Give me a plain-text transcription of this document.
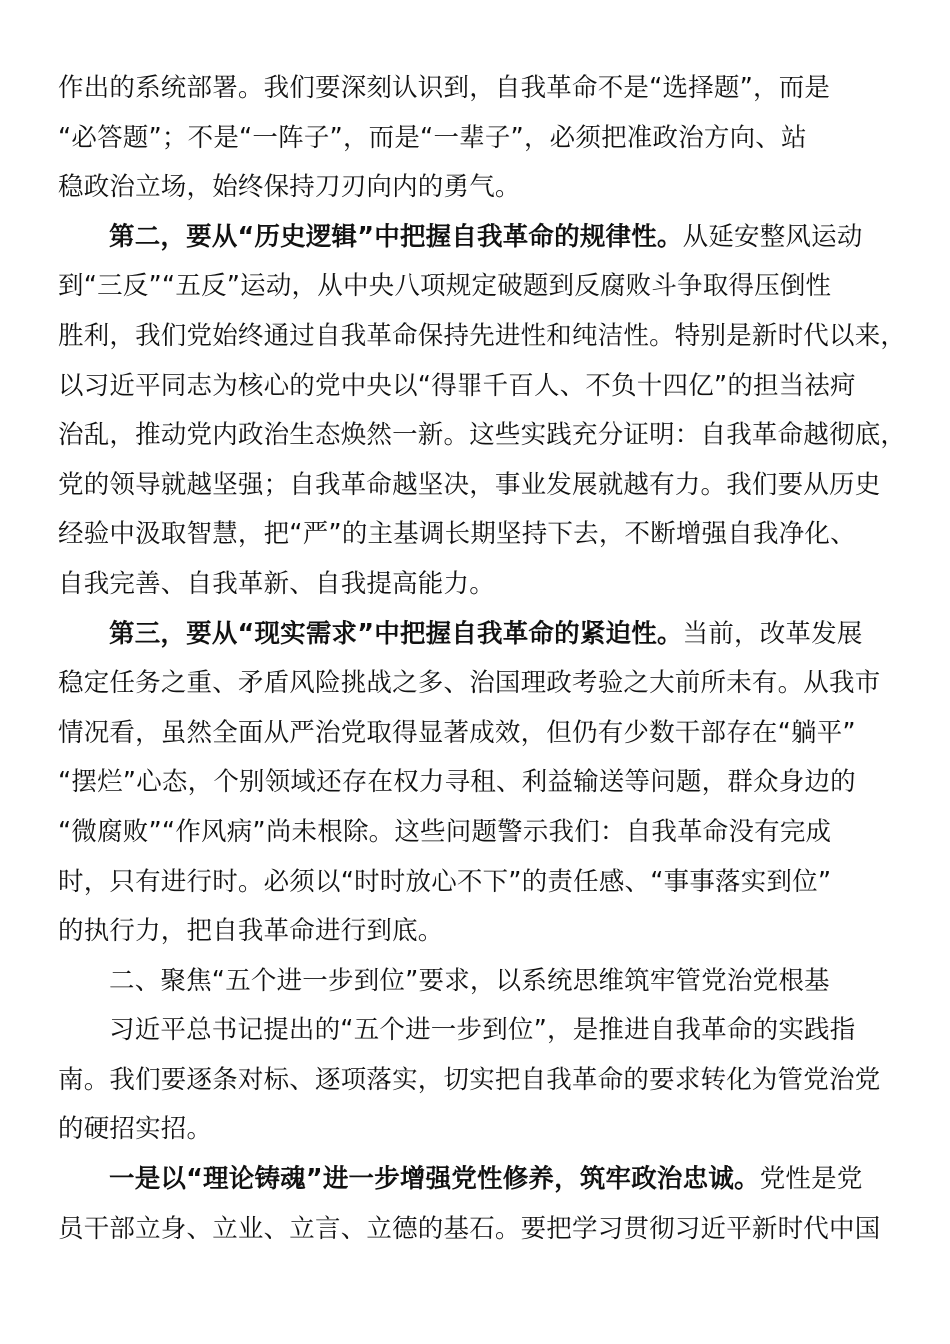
作出的系统部署。我们要深刻认识到，自我革命不是“选择题”，而是
“必答题”；不是“一阵子”，而是“一辈子”，必须把准政治方向、站
稳政治立场，始终保持刀刃向内的勇气。
第二，要从“历史逻辑”中把握自我革命的规律性。从延安整风运动
到“三反”“五反”运动，从中央八项规定破题到反腐败斗争取得压倒性
胜利，我们党始终通过自我革命保持先进性和纯洁性。特别是新时代以来，
以习近平同志为核心的党中央以“得罪千百人、不负十四亿”的担当祛疴
治乱，推动党内政治生态焕然一新。这些实践充分证明：自我革命越彻底，
党的领导就越坚强；自我革命越坚决，事业发展就越有力。我们要从历史
经验中汲取智慧，把“严”的主基调长期坚持下去，不断增强自我净化、
自我完善、自我革新、自我提高能力。
第三，要从“现实需求”中把握自我革命的紧迫性。当前，改革发展
稳定任务之重、矛盾风险挑战之多、治国理政考验之大前所未有。从我市
情况看，虽然全面从严治党取得显著成效，但仍有少数干部存在“躺平”
“摆烂”心态，个别领域还存在权力寻租、利益输送等问题，群众身边的
“微腐败”“作风病”尚未根除。这些问题警示我们：自我革命没有完成
时，只有进行时。必须以“时时放心不下”的责任感、“事事落实到位”
的执行力，把自我革命进行到底。
二、聚焦“五个进一步到位”要求，以系统思维筑牢管党治党根基
习近平总书记提出的“五个进一步到位”，是推进自我革命的实践指
南。我们要逐条对标、逐项落实，切实把自我革命的要求转化为管党治党
的硬招实招。
一是以“理论铸魂”进一步增强党性修养，筑牢政治忠诚。党性是党
员干部立身、立业、立言、立德的基石。要把学习贯彻习近平新时代中国
